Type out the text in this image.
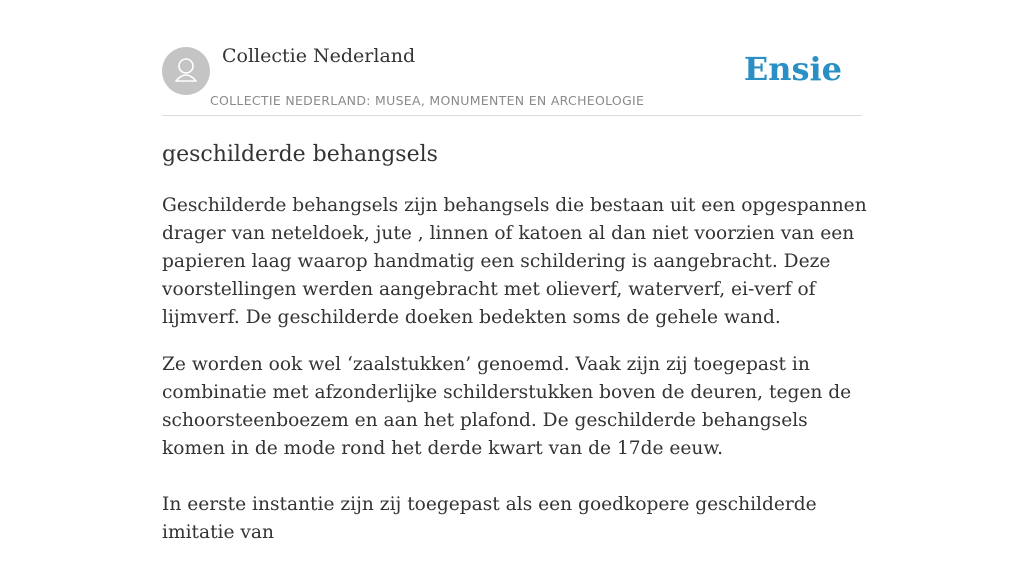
Collectie Nederland
COLLECTIE NEDERLAND: MUSEA, MONUMENTEN EN ARCHEOLOGIE
Ensie
geschilderde behangsels

Geschilderde behangsels zijn behangsels die bestaan uit een opgespannen drager van neteldoek, jute , linnen of katoen al dan niet voorzien van een papieren laag waarop handmatig een schildering is aangebracht. Deze voorstellingen werden aangebracht met olieverf, waterverf, ei-verf of lijmverf. De geschilderde doeken bedekten soms de gehele wand.

Ze worden ook wel ‘zaalstukken’ genoemd. Vaak zijn zij toegepast in combinatie met afzonderlijke schilderstukken boven de deuren, tegen de schoorsteenboezem en aan het plafond. De geschilderde behangsels komen in de mode rond het derde kwart van de 17de eeuw.

In eerste instantie zijn zij toegepast als een goedkopere geschilderde imitatie van
